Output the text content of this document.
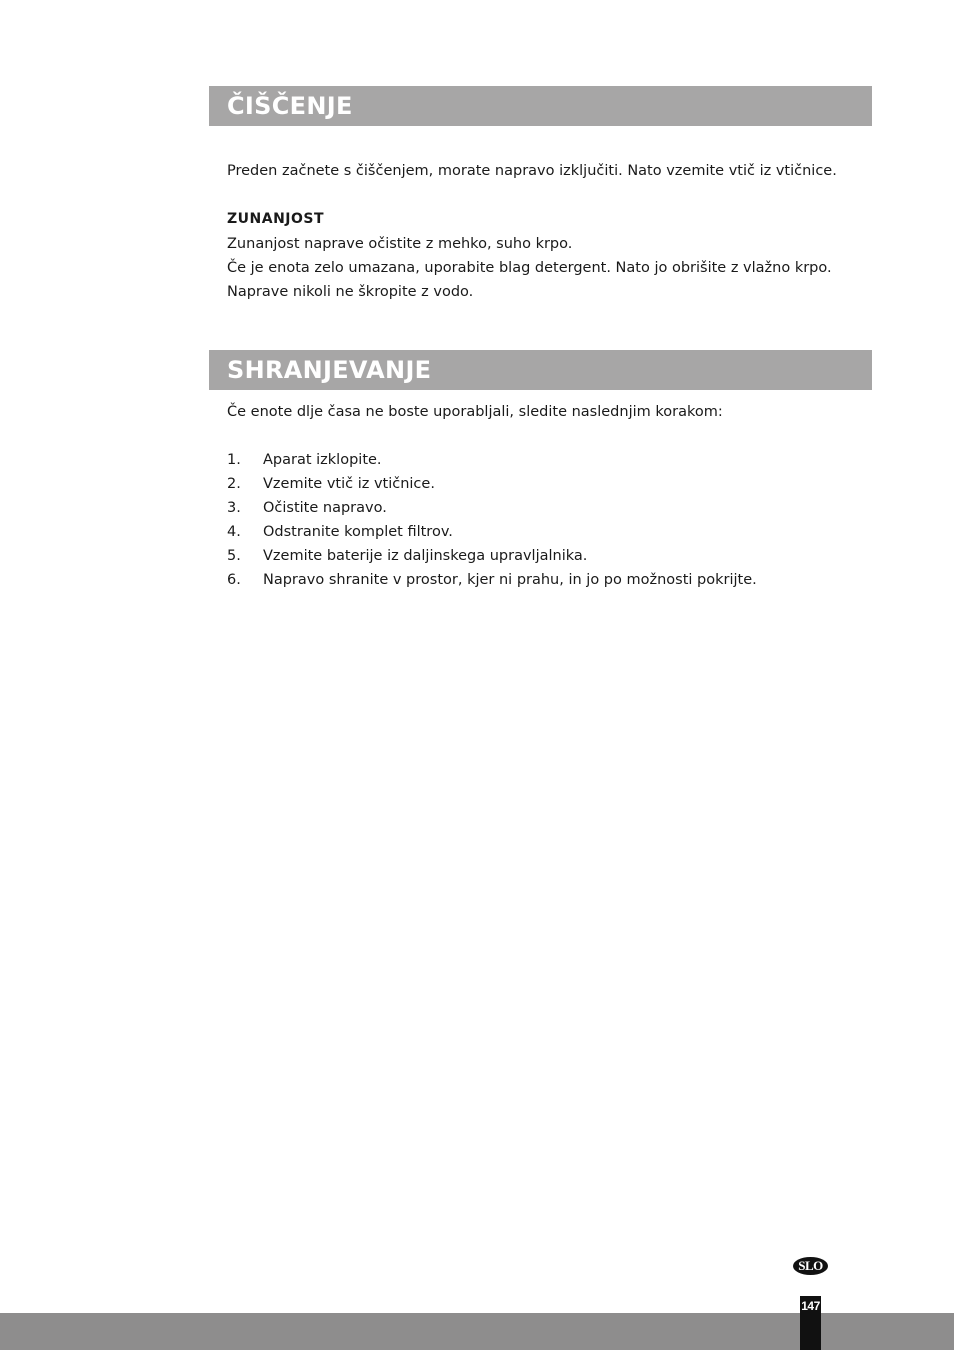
ČIŠČENJE

Preden začnete s čiščenjem, morate napravo izključiti. Nato vzemite vtič iz vtičnice.

ZUNANJOST

Zunanjost naprave očistite z mehko, suho krpo.

Če je enota zelo umazana, uporabite blag detergent. Nato jo obrišite z vlažno krpo.

Naprave nikoli ne škropite z vodo.

SHRANJEVANJE

Če enote dlje časa ne boste uporabljali, sledite naslednjim korakom:

1.	Aparat izklopite.
2.	Vzemite vtič iz vtičnice.
3.	Očistite napravo.
4.	Odstranite komplet filtrov.
5.	Vzemite baterije iz daljinskega upravljalnika.
6.	Napravo shranite v prostor, kjer ni prahu, in jo po možnosti pokrijte.
SLO
147
